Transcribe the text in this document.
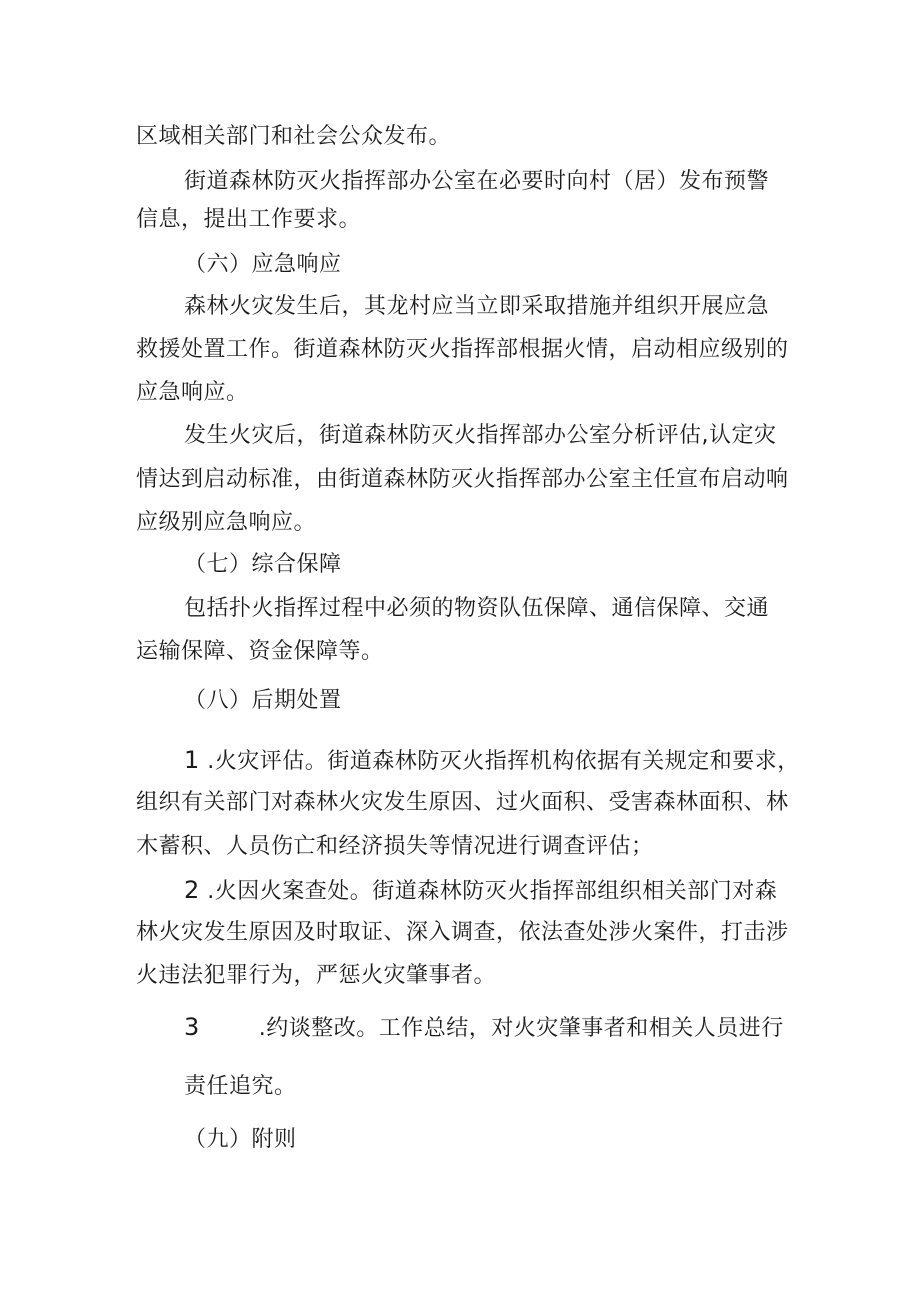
区域相关部门和社会公众发布。
街道森林防灭火指挥部办公室在必要时向村（居）发布预警
信息，提出工作要求。
（六）应急响应
森林火灾发生后，其龙村应当立即采取措施并组织开展应急
救援处置工作。街道森林防灭火指挥部根据火情，启动相应级别的
应急响应。
发生火灾后，街道森林防灭火指挥部办公室分析评估,认定灾
情达到启动标准，由街道森林防灭火指挥部办公室主任宣布启动响
应级别应急响应。
（七）综合保障
包括扑火指挥过程中必须的物资队伍保障、通信保障、交通
运输保障、资金保障等。
（八）后期处置
1 .火灾评估。街道森林防灭火指挥机构依据有关规定和要求，
组织有关部门对森林火灾发生原因、过火面积、受害森林面积、林
木蓄积、人员伤亡和经济损失等情况进行调查评估；
2 .火因火案查处。街道森林防灭火指挥部组织相关部门对森
林火灾发生原因及时取证、深入调查，依法查处涉火案件，打击涉
火违法犯罪行为，严惩火灾肇事者。
3	.约谈整改。工作总结，对火灾肇事者和相关人员进行
责任追究。
（九）附则
